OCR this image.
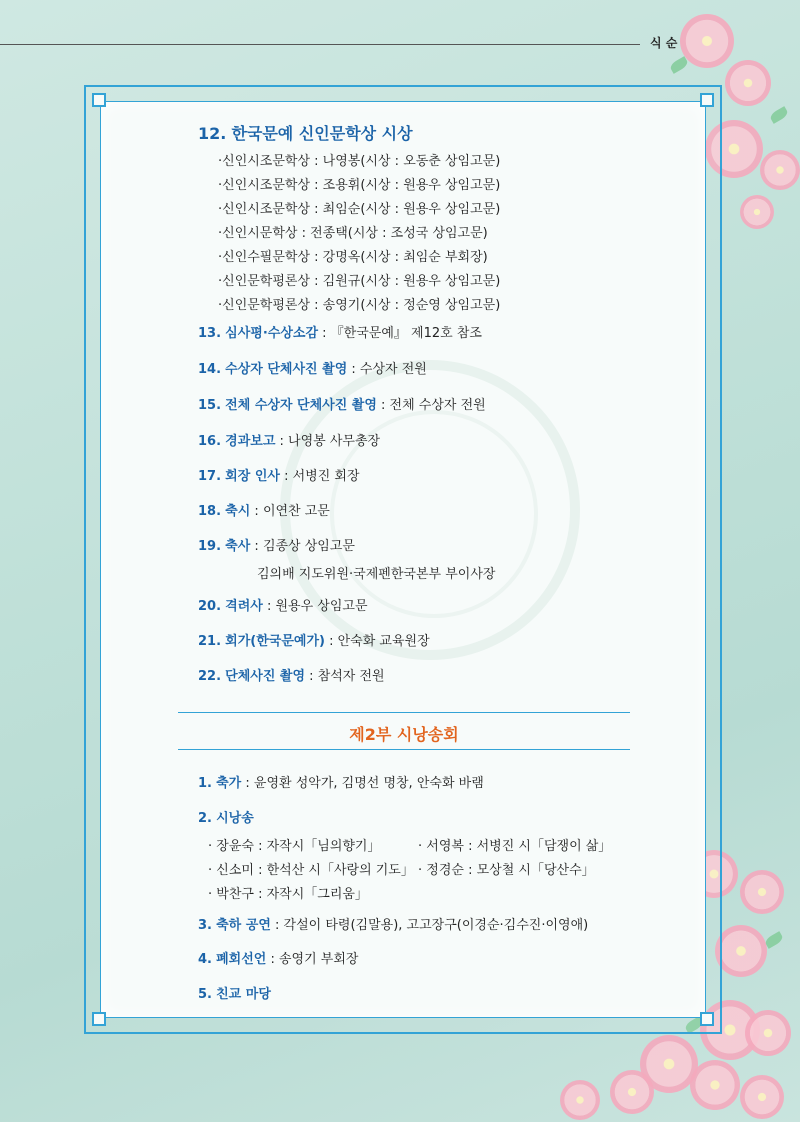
식 순
12. 한국문예 신인문학상 시상
·신인시조문학상 : 나영봉(시상 : 오동춘 상임고문)
·신인시조문학상 : 조용휘(시상 : 원용우 상임고문)
·신인시조문학상 : 최임순(시상 : 원용우 상임고문)
·신인시문학상 : 전종택(시상 : 조성국 상임고문)
·신인수필문학상 : 강명옥(시상 : 최임순 부회장)
·신인문학평론상 : 김원규(시상 : 원용우 상임고문)
·신인문학평론상 : 송영기(시상 : 정순영 상임고문)
13. 심사평·수상소감 : 『한국문예』 제12호 참조
14. 수상자 단체사진 촬영 : 수상자 전원
15. 전체 수상자 단체사진 촬영 : 전체 수상자 전원
16. 경과보고 : 나영봉 사무총장
17. 회장 인사 : 서병진 회장
18. 축시 : 이연찬 고문
19. 축사 : 김종상 상임고문
김의배 지도위원·국제펜한국본부 부이사장
20. 격려사 : 원용우 상임고문
21. 회가(한국문예가) : 안숙화 교육원장
22. 단체사진 촬영 : 참석자 전원
제2부 시낭송회
1. 축가 : 윤영환 성악가, 김명선 명창, 안숙화 바램
2. 시낭송
· 장윤숙 : 자작시「님의향기」
· 신소미 : 한석산 시「사랑의 기도」
· 박찬구 : 자작시「그리움」
· 서영복 : 서병진 시「담쟁이 삶」
· 정경순 : 모상철 시「당산수」
3. 축하 공연 : 각설이 타령(김말용), 고고장구(이경순·김수진·이영애)
4. 폐회선언 : 송영기 부회장
5. 친교 마당
